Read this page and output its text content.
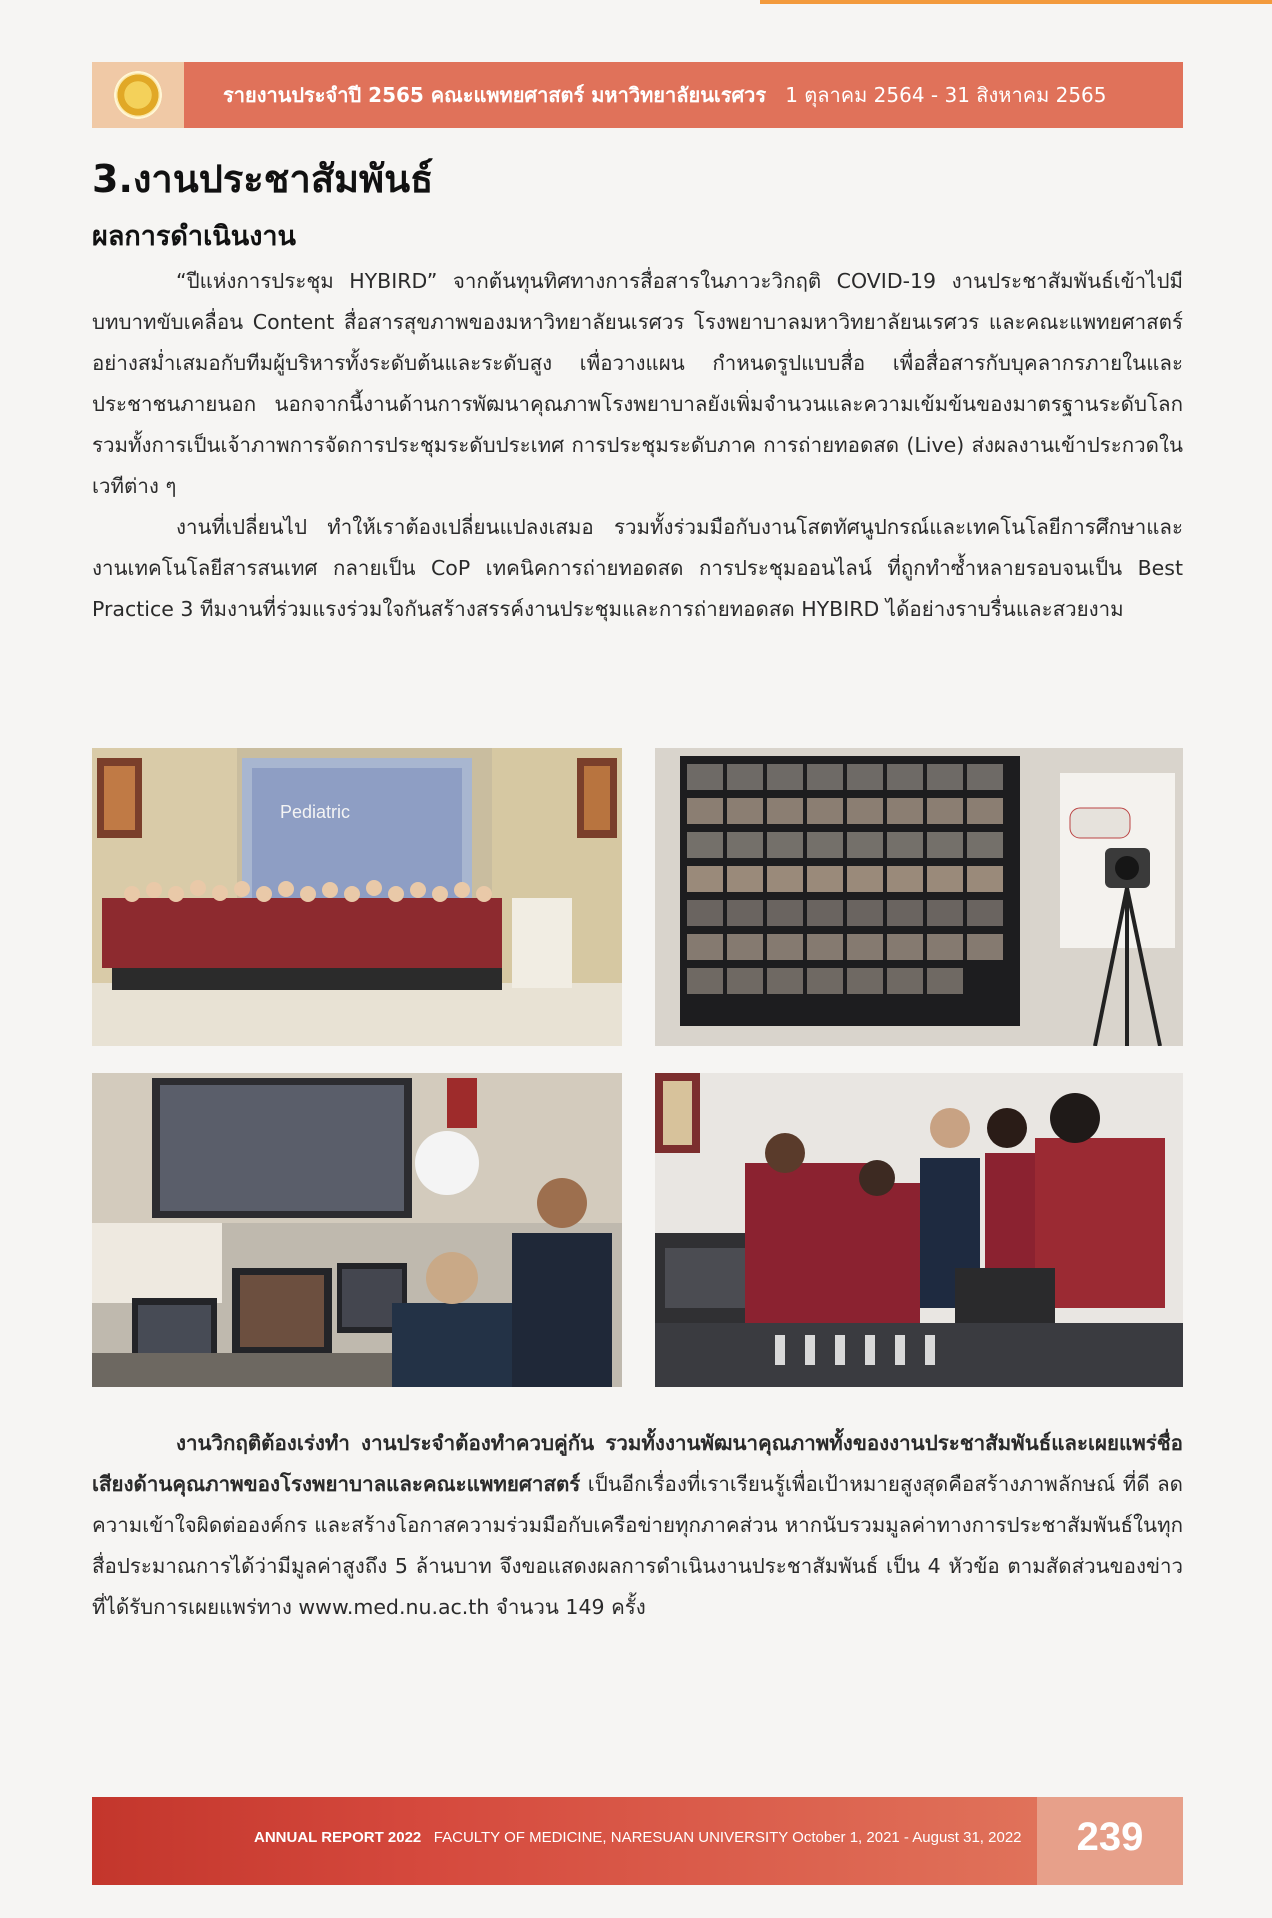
รายงานประจำปี 2565 คณะแพทยศาสตร์ มหาวิทยาลัยนเรศวร 1 ตุลาคม 2564 - 31 สิงหาคม 2565
3.งานประชาสัมพันธ์
ผลการดำเนินงาน

“ปีแห่งการประชุม HYBIRD” จากต้นทุนทิศทางการสื่อสารในภาวะวิกฤติ COVID-19 งานประชาสัมพันธ์เข้าไปมีบทบาทขับเคลื่อน Content สื่อสารสุขภาพของมหาวิทยาลัยนเรศวร โรงพยาบาลมหาวิทยาลัยนเรศวร และคณะแพทยศาสตร์ อย่างสม่ำเสมอกับทีมผู้บริหารทั้งระดับต้นและระดับสูง เพื่อวางแผน กำหนดรูปแบบสื่อ เพื่อสื่อสารกับบุคลากรภายในและประชาชนภายนอก นอกจากนี้งานด้านการพัฒนาคุณภาพโรงพยาบาลยังเพิ่มจำนวนและความเข้มข้นของมาตรฐานระดับโลก รวมทั้งการเป็นเจ้าภาพการจัดการประชุมระดับประเทศ การประชุมระดับภาค การถ่ายทอดสด (Live) ส่งผลงานเข้าประกวดในเวทีต่าง ๆ

งานที่เปลี่ยนไป ทำให้เราต้องเปลี่ยนแปลงเสมอ รวมทั้งร่วมมือกับงานโสตทัศนูปกรณ์และเทคโนโลยีการศึกษาและงานเทคโนโลยีสารสนเทศ กลายเป็น CoP เทคนิคการถ่ายทอดสด การประชุมออนไลน์ ที่ถูกทำซ้ำหลายรอบจนเป็น Best Practice 3 ทีมงานที่ร่วมแรงร่วมใจกันสร้างสรรค์งานประชุมและการถ่ายทอดสด HYBIRD ได้อย่างราบรื่นและสวยงาม

Pediatric

งานวิกฤติต้องเร่งทำ งานประจำต้องทำควบคู่กัน รวมทั้งงานพัฒนาคุณภาพทั้งของงานประชาสัมพันธ์และเผยแพร่ชื่อเสียงด้านคุณภาพของโรงพยาบาลและคณะแพทยศาสตร์ เป็นอีกเรื่องที่เราเรียนรู้เพื่อเป้าหมายสูงสุดคือสร้างภาพลักษณ์ ที่ดี ลดความเข้าใจผิดต่อองค์กร และสร้างโอกาสความร่วมมือกับเครือข่ายทุกภาคส่วน หากนับรวมมูลค่าทางการประชาสัมพันธ์ในทุกสื่อประมาณการได้ว่ามีมูลค่าสูงถึง 5 ล้านบาท จึงขอแสดงผลการดำเนินงานประชาสัมพันธ์ เป็น 4 หัวข้อ ตามสัดส่วนของข่าวที่ได้รับการเผยแพร่ทาง www.med.nu.ac.th จำนวน 149 ครั้ง

ANNUAL REPORT 2022 FACULTY OF MEDICINE, NARESUAN UNIVERSITY October 1, 2021 - August 31, 2022	239
